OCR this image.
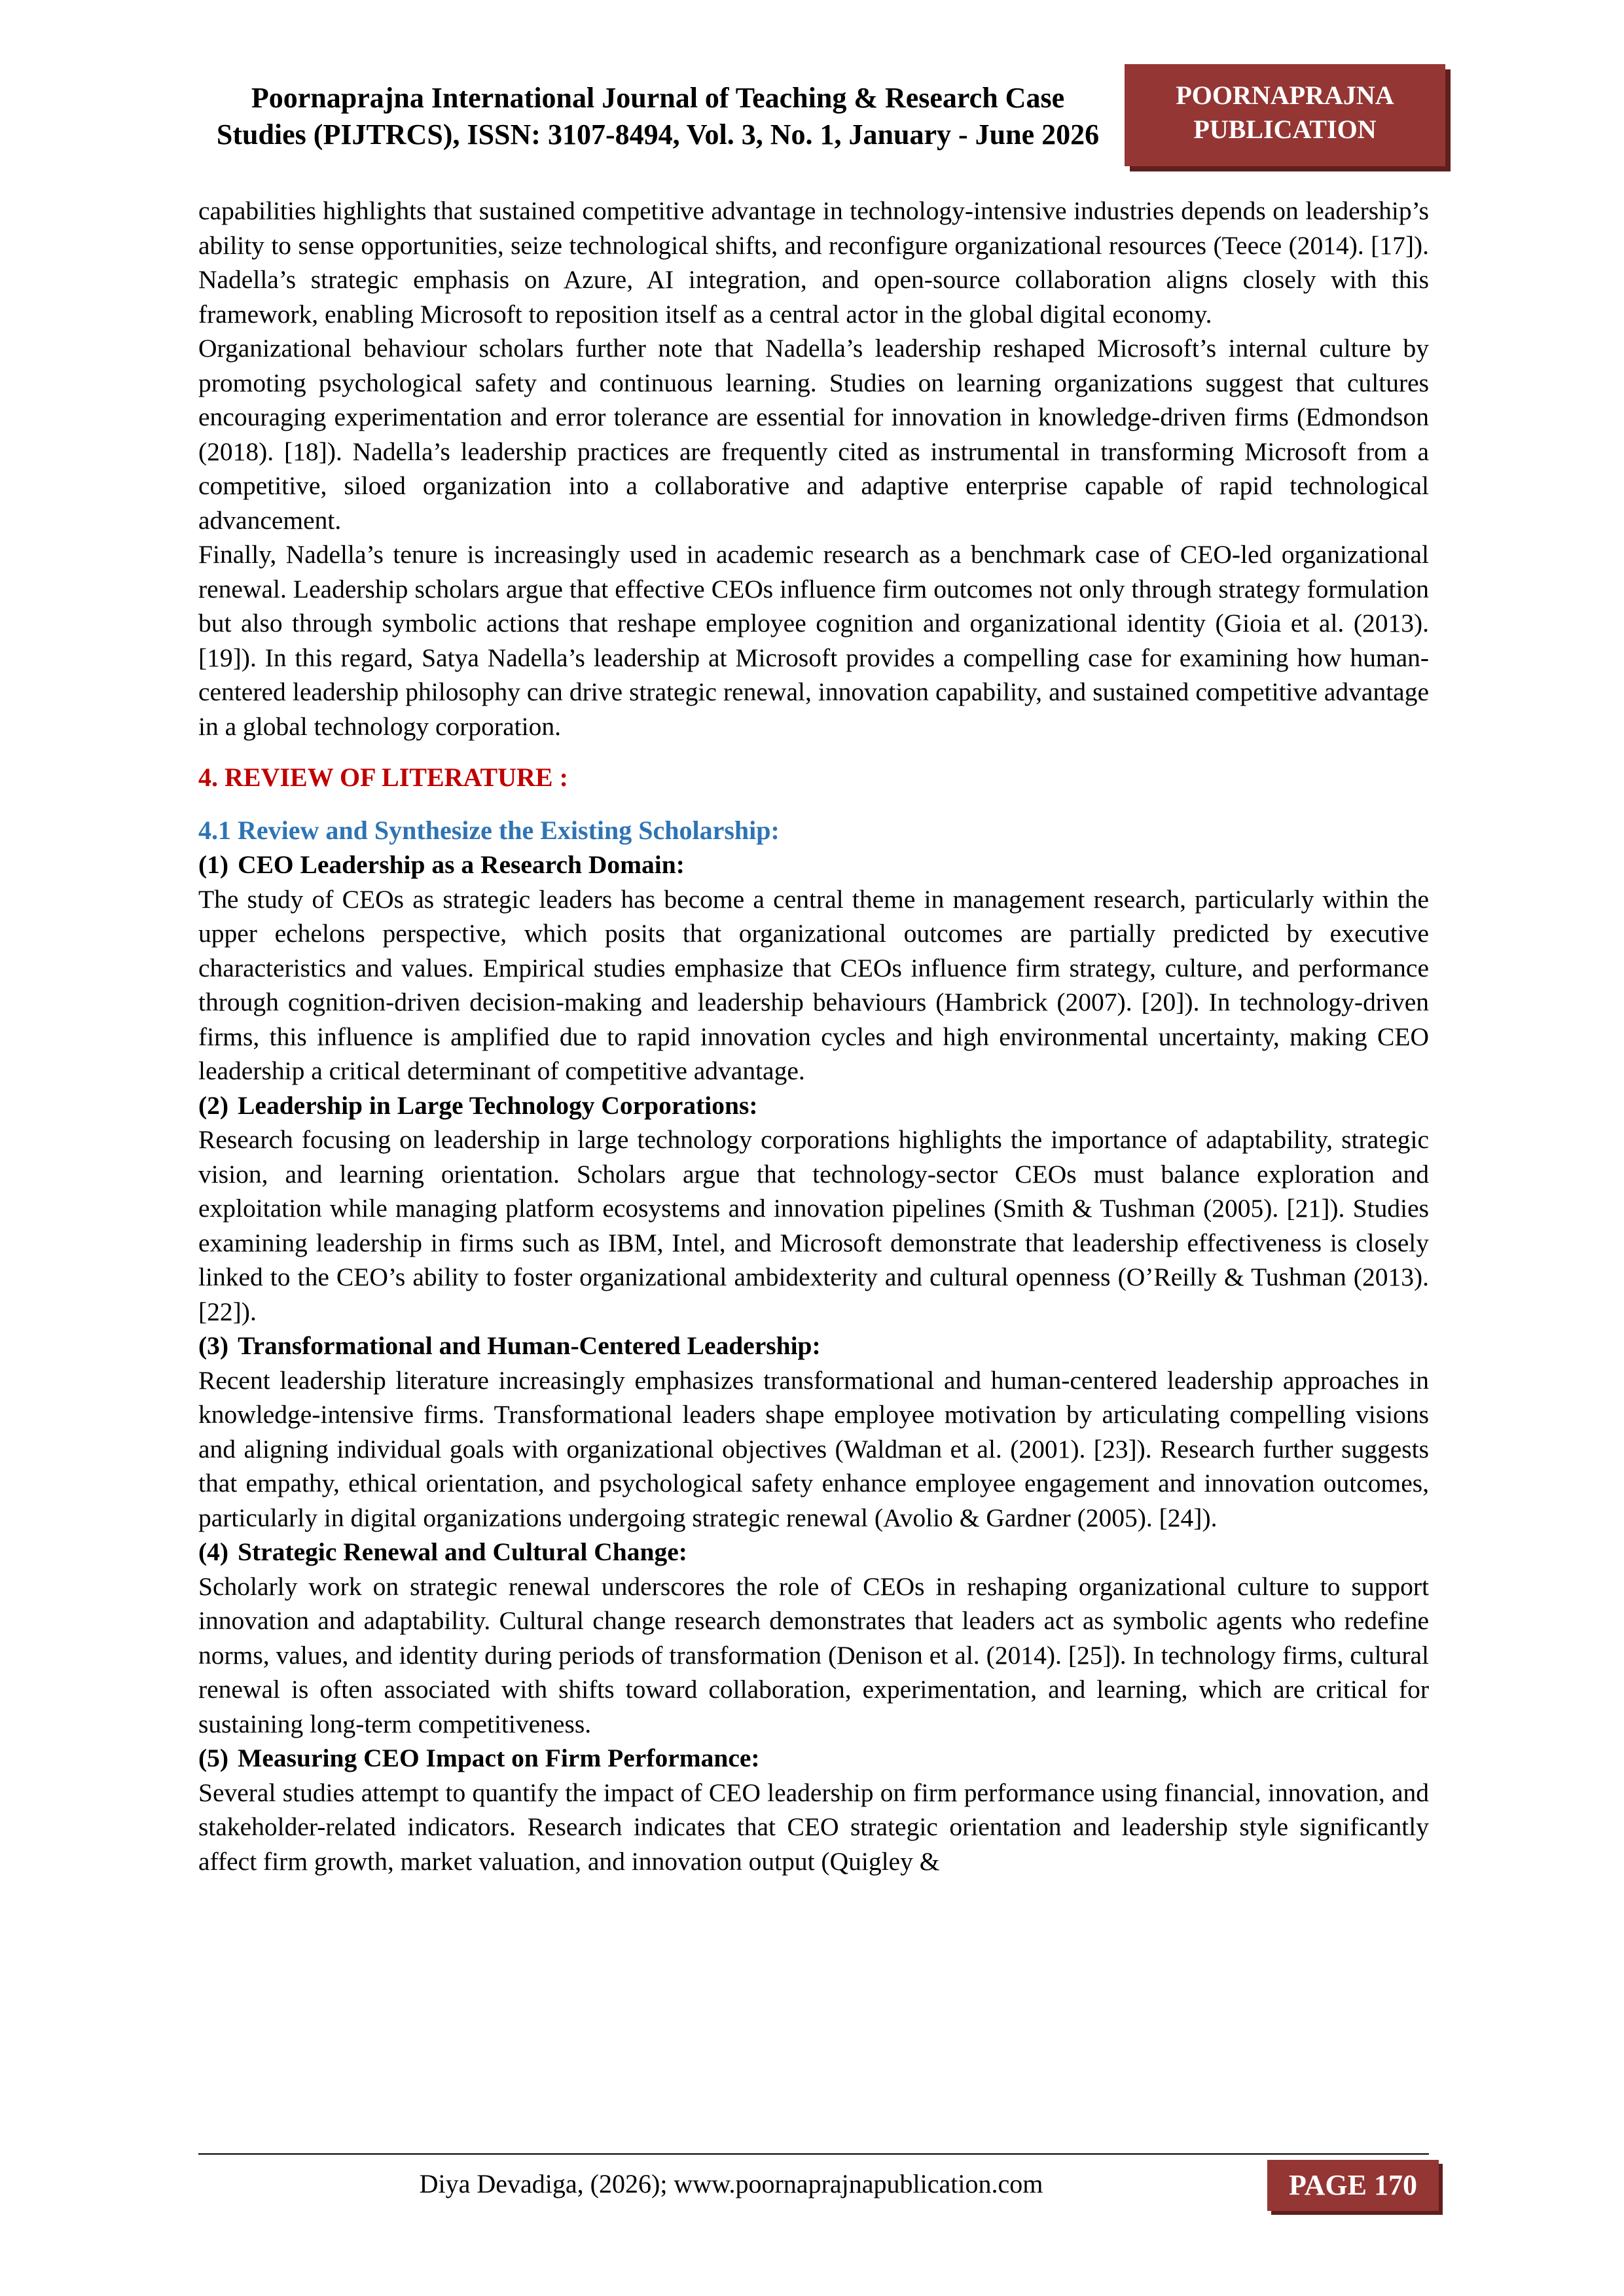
Poornaprajna International Journal of Teaching & Research Case
Studies (PIJTRCS), ISSN: 3107-8494, Vol. 3, No. 1, January - June 2026
POORNAPRAJNA
PUBLICATION

capabilities highlights that sustained competitive advantage in technology-intensive industries depends on leadership’s ability to sense opportunities, seize technological shifts, and reconfigure organizational resources (Teece (2014). [17]). Nadella’s strategic emphasis on Azure, AI integration, and open-source collaboration aligns closely with this framework, enabling Microsoft to reposition itself as a central actor in the global digital economy.

Organizational behaviour scholars further note that Nadella’s leadership reshaped Microsoft’s internal culture by promoting psychological safety and continuous learning. Studies on learning organizations suggest that cultures encouraging experimentation and error tolerance are essential for innovation in knowledge-driven firms (Edmondson (2018). [18]). Nadella’s leadership practices are frequently cited as instrumental in transforming Microsoft from a competitive, siloed organization into a collaborative and adaptive enterprise capable of rapid technological advancement.

Finally, Nadella’s tenure is increasingly used in academic research as a benchmark case of CEO-led organizational renewal. Leadership scholars argue that effective CEOs influence firm outcomes not only through strategy formulation but also through symbolic actions that reshape employee cognition and organizational identity (Gioia et al. (2013). [19]). In this regard, Satya Nadella’s leadership at Microsoft provides a compelling case for examining how human-centered leadership philosophy can drive strategic renewal, innovation capability, and sustained competitive advantage in a global technology corporation.

4. REVIEW OF LITERATURE :

4.1 Review and Synthesize the Existing Scholarship:

(1) CEO Leadership as a Research Domain:

The study of CEOs as strategic leaders has become a central theme in management research, particularly within the upper echelons perspective, which posits that organizational outcomes are partially predicted by executive characteristics and values. Empirical studies emphasize that CEOs influence firm strategy, culture, and performance through cognition-driven decision-making and leadership behaviours (Hambrick (2007). [20]). In technology-driven firms, this influence is amplified due to rapid innovation cycles and high environmental uncertainty, making CEO leadership a critical determinant of competitive advantage.

(2) Leadership in Large Technology Corporations:

Research focusing on leadership in large technology corporations highlights the importance of adaptability, strategic vision, and learning orientation. Scholars argue that technology-sector CEOs must balance exploration and exploitation while managing platform ecosystems and innovation pipelines (Smith & Tushman (2005). [21]). Studies examining leadership in firms such as IBM, Intel, and Microsoft demonstrate that leadership effectiveness is closely linked to the CEO’s ability to foster organizational ambidexterity and cultural openness (O’Reilly & Tushman (2013). [22]).

(3) Transformational and Human-Centered Leadership:

Recent leadership literature increasingly emphasizes transformational and human-centered leadership approaches in knowledge-intensive firms. Transformational leaders shape employee motivation by articulating compelling visions and aligning individual goals with organizational objectives (Waldman et al. (2001). [23]). Research further suggests that empathy, ethical orientation, and psychological safety enhance employee engagement and innovation outcomes, particularly in digital organizations undergoing strategic renewal (Avolio & Gardner (2005). [24]).

(4) Strategic Renewal and Cultural Change:

Scholarly work on strategic renewal underscores the role of CEOs in reshaping organizational culture to support innovation and adaptability. Cultural change research demonstrates that leaders act as symbolic agents who redefine norms, values, and identity during periods of transformation (Denison et al. (2014). [25]). In technology firms, cultural renewal is often associated with shifts toward collaboration, experimentation, and learning, which are critical for sustaining long-term competitiveness.

(5) Measuring CEO Impact on Firm Performance:

Several studies attempt to quantify the impact of CEO leadership on firm performance using financial, innovation, and stakeholder-related indicators. Research indicates that CEO strategic orientation and leadership style significantly affect firm growth, market valuation, and innovation output (Quigley &

Diya Devadiga, (2026); www.poornaprajnapublication.com	PAGE 170
